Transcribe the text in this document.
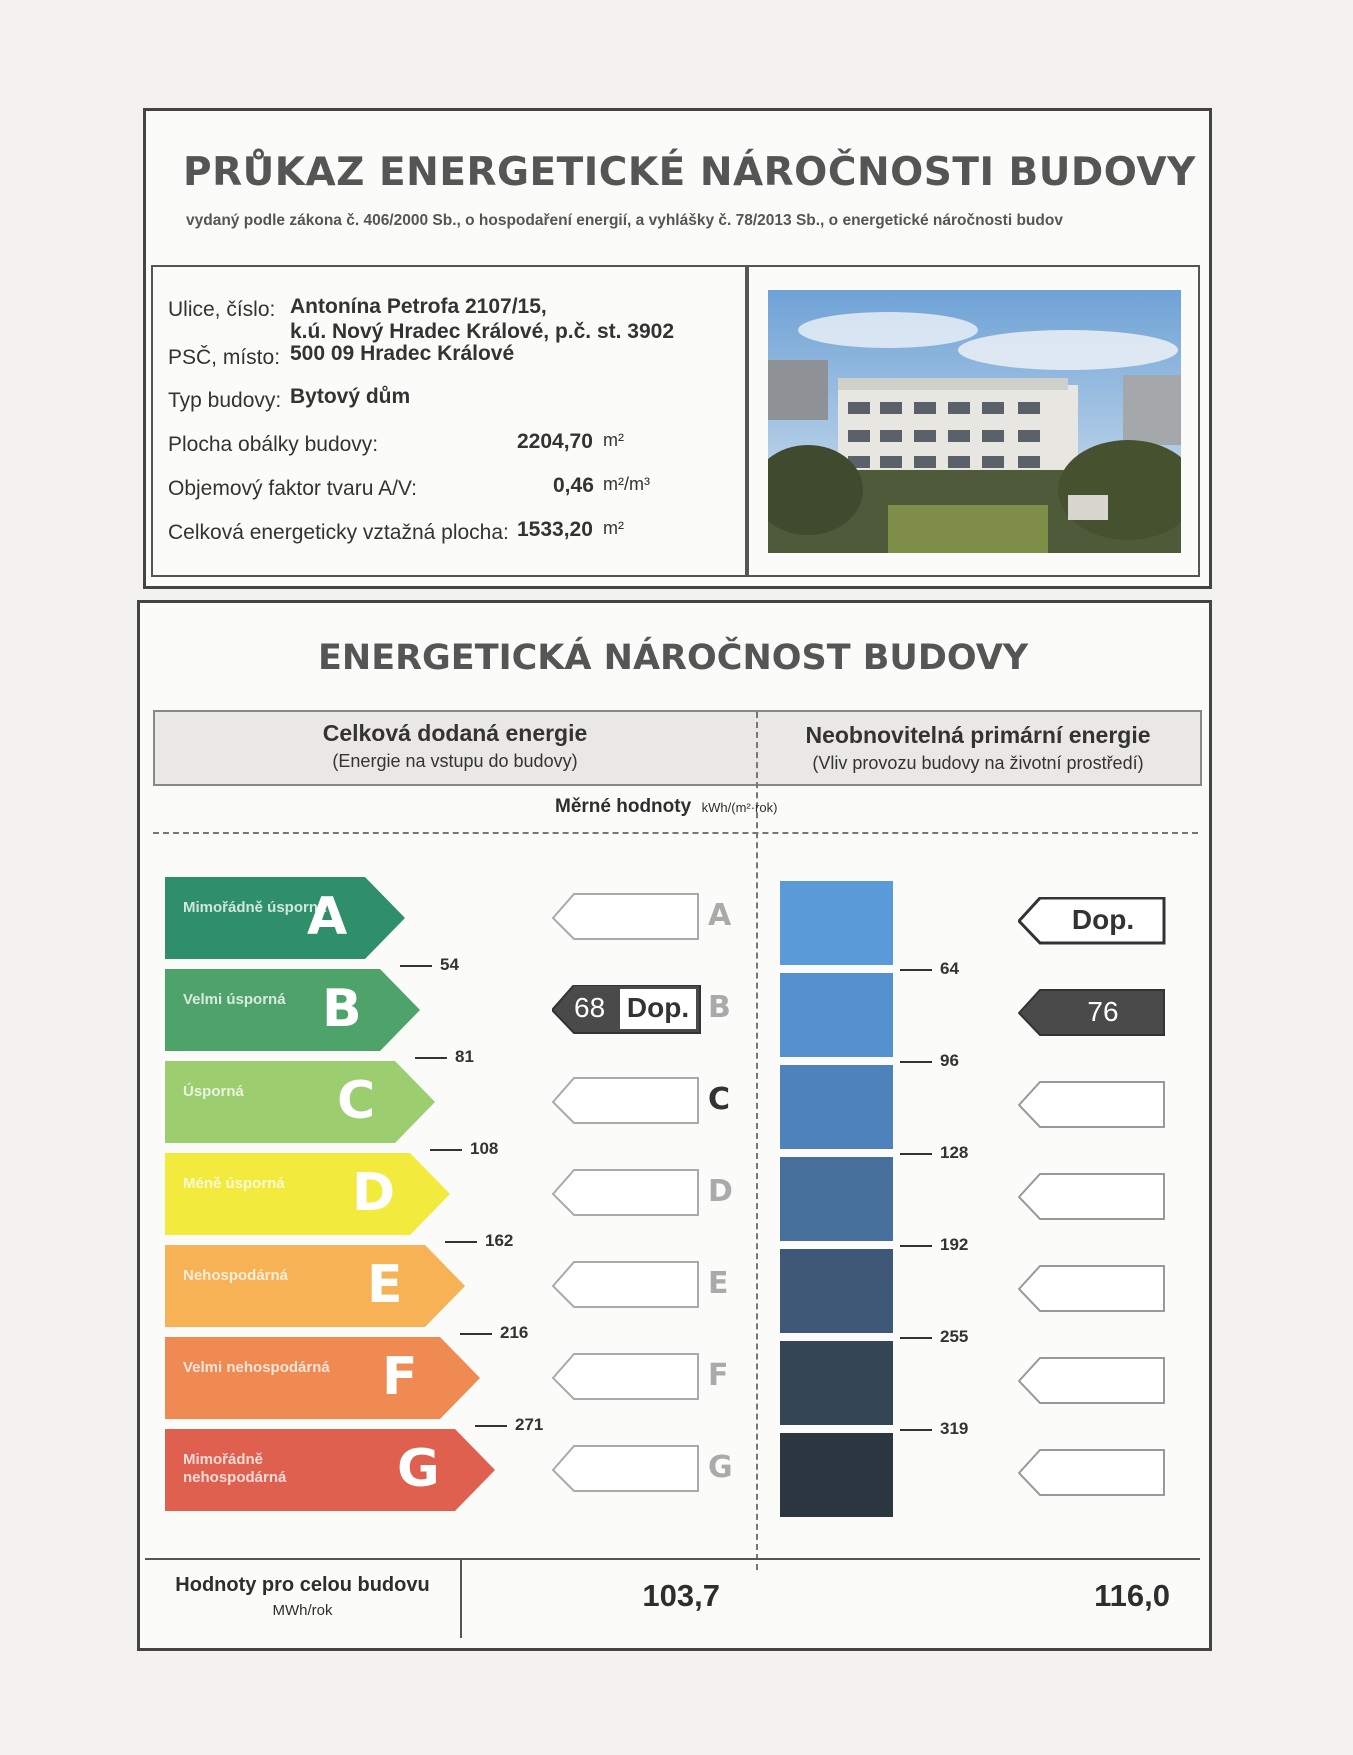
PRŮKAZ ENERGETICKÉ NÁROČNOSTI BUDOVY
vydaný podle zákona č. 406/2000 Sb., o hospodaření energií, a vyhlášky č. 78/2013 Sb., o energetické náročnosti budov
Ulice, číslo: Antonína Petrofa 2107/15,
k.ú. Nový Hradec Králové, p.č. st. 3902
PSČ, místo: 500 09 Hradec Králové
Typ budovy: Bytový dům
Plocha obálky budovy:	2204,70 m²
Objemový faktor tvaru A/V:	0,46 m²/m³
Celková energeticky vztažná plocha: 1533,20 m²
ENERGETICKÁ NÁROČNOST BUDOVY
Celková dodaná energie
(Energie na vstupu do budovy)
Neobnovitelná primární energie
(Vliv provozu budovy na životní prostředí)
Měrné hodnoty kWh/(m²·rok)
Mimořádně úsporná
A
Velmi úsporná B
Úsporná	C
Méně úsporná	D
Nehospodárná	E
Velmi nehospodárná F
Mimořádně nehospodárná	G
54
81
108
162
216
271
A
68 Dop. B
C
D
E
F
G
64
96
128
192
255
319
Dop.
76
Hodnoty pro celou budovu
MWh/rok	103,7	116,0
